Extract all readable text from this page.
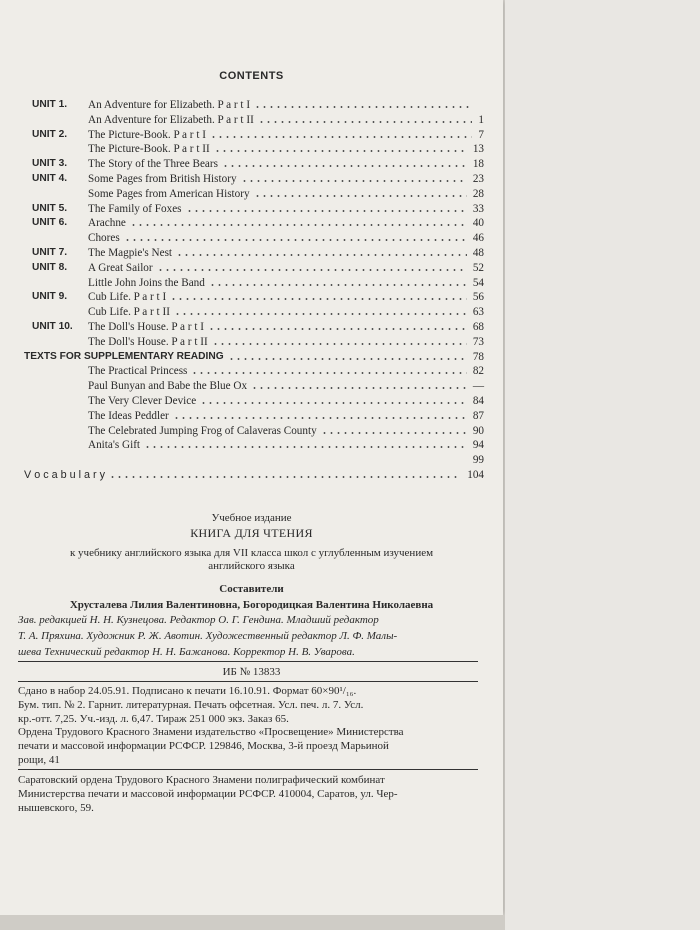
CONTENTS
UNIT 1. An Adventure for Elizabeth. P a r t I
An Adventure for Elizabeth. P a r t II	1
UNIT 2. The Picture-Book. P a r t I	7
The Picture-Book. P a r t II	13
UNIT 3. The Story of the Three Bears	18
UNIT 4. Some Pages from British History	23
Some Pages from American History	28
UNIT 5. The Family of Foxes	33
UNIT 6. Arachne	40
Chores	46
UNIT 7. The Magpie's Nest	48
UNIT 8. A Great Sailor	52
Little John Joins the Band	54
UNIT 9. Cub Life. P a r t I	56
Cub Life. P a r t II	63
UNIT 10. The Doll's House. P a r t I	68
The Doll's House. P a r t II	73
TEXTS FOR SUPPLEMENTARY READING	78
The Practical Princess	82
Paul Bunyan and Babe the Blue Ox	—
The Very Clever Device	84
The Ideas Peddler	87
The Celebrated Jumping Frog of Calaveras County	90
Anita's Gift	94
99
V o c a b u l a r y	104
Учебное издание
КНИГА ДЛЯ ЧТЕНИЯ
к учебнику английского языка для VII класса школ с углубленным изучением
английского языка
Составители
Хрусталева Лилия Валентиновна, Богородицкая Валентина Николаевна
Зав. редакцией Н. Н. Кузнецова. Редактор О. Г. Гендина. Младший редактор
Т. А. Пряхина. Художник Р. Ж. Авотин. Художественный редактор Л. Ф. Малы-
шева Технический редактор Н. Н. Бажанова. Корректор Н. В. Уварова.
ИБ № 13833
Сдано в набор 24.05.91. Подписано к печати 16.10.91. Формат 60×90¹/₁₆.
Бум. тип. № 2. Гарнит. литературная. Печать офсетная. Усл. печ. л. 7. Усл.
кр.-отт. 7,25. Уч.-изд. л. 6,47. Тираж 251 000 экз. Заказ 65.
Ордена Трудового Красного Знамени издательство «Просвещение» Министерства
печати и массовой информации РСФСР. 129846, Москва, 3-й проезд Марьиной
рощи, 41
Саратовский ордена Трудового Красного Знамени полиграфический комбинат
Министерства печати и массовой информации РСФСР. 410004, Саратов, ул. Чер-
нышевского, 59.
